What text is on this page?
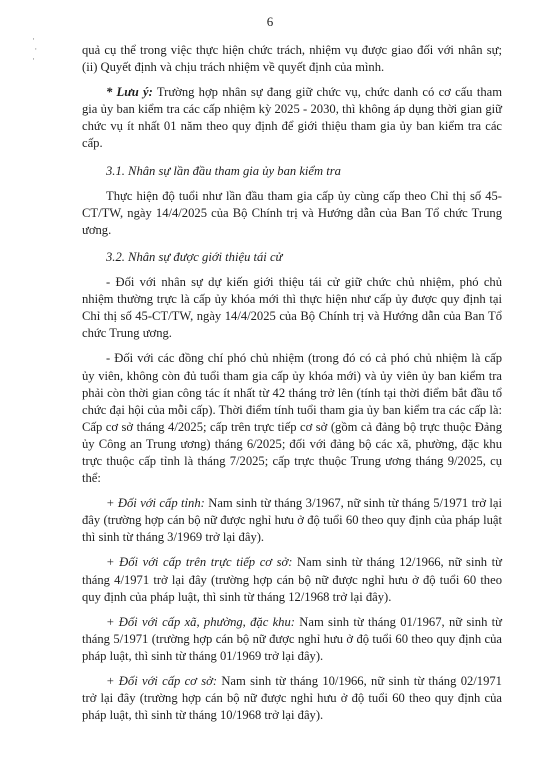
6
·
·
·

quả cụ thể trong việc thực hiện chức trách, nhiệm vụ được giao đối với nhân sự; (ii) Quyết định và chịu trách nhiệm về quyết định của mình.

* Lưu ý: Trường hợp nhân sự đang giữ chức vụ, chức danh có cơ cấu tham gia ủy ban kiểm tra các cấp nhiệm kỳ 2025 - 2030, thì không áp dụng thời gian giữ chức vụ ít nhất 01 năm theo quy định để giới thiệu tham gia ủy ban kiểm tra các cấp.

3.1. Nhân sự lần đầu tham gia ủy ban kiểm tra

Thực hiện độ tuổi như lần đầu tham gia cấp ủy cùng cấp theo Chỉ thị số 45-CT/TW, ngày 14/4/2025 của Bộ Chính trị và Hướng dẫn của Ban Tổ chức Trung ương.

3.2. Nhân sự được giới thiệu tái cử

- Đối với nhân sự dự kiến giới thiệu tái cử giữ chức chủ nhiệm, phó chủ nhiệm thường trực là cấp ủy khóa mới thì thực hiện như cấp ủy được quy định tại Chỉ thị số 45-CT/TW, ngày 14/4/2025 của Bộ Chính trị và Hướng dẫn của Ban Tổ chức Trung ương.

- Đối với các đồng chí phó chủ nhiệm (trong đó có cả phó chủ nhiệm là cấp ủy viên, không còn đủ tuổi tham gia cấp ủy khóa mới) và ủy viên ủy ban kiểm tra phải còn thời gian công tác ít nhất từ 42 tháng trở lên (tính tại thời điểm bắt đầu tổ chức đại hội của mỗi cấp). Thời điểm tính tuổi tham gia ủy ban kiểm tra các cấp là: Cấp cơ sở tháng 4/2025; cấp trên trực tiếp cơ sở (gồm cả đảng bộ trực thuộc Đảng ủy Công an Trung ương) tháng 6/2025; đối với đảng bộ các xã, phường, đặc khu trực thuộc cấp tỉnh là tháng 7/2025; cấp trực thuộc Trung ương tháng 9/2025, cụ thể:

+ Đối với cấp tỉnh: Nam sinh từ tháng 3/1967, nữ sinh từ tháng 5/1971 trở lại đây (trường hợp cán bộ nữ được nghỉ hưu ở độ tuổi 60 theo quy định của pháp luật thì sinh từ tháng 3/1969 trở lại đây).

+ Đối với cấp trên trực tiếp cơ sở: Nam sinh từ tháng 12/1966, nữ sinh từ tháng 4/1971 trở lại đây (trường hợp cán bộ nữ được nghỉ hưu ở độ tuổi 60 theo quy định của pháp luật, thì sinh từ tháng 12/1968 trở lại đây).

+ Đối với cấp xã, phường, đặc khu: Nam sinh từ tháng 01/1967, nữ sinh từ tháng 5/1971 (trường hợp cán bộ nữ được nghỉ hưu ở độ tuổi 60 theo quy định của pháp luật, thì sinh từ tháng 01/1969 trở lại đây).

+ Đối với cấp cơ sở: Nam sinh từ tháng 10/1966, nữ sinh từ tháng 02/1971 trở lại đây (trường hợp cán bộ nữ được nghỉ hưu ở độ tuổi 60 theo quy định của pháp luật, thì sinh từ tháng 10/1968 trở lại đây).
